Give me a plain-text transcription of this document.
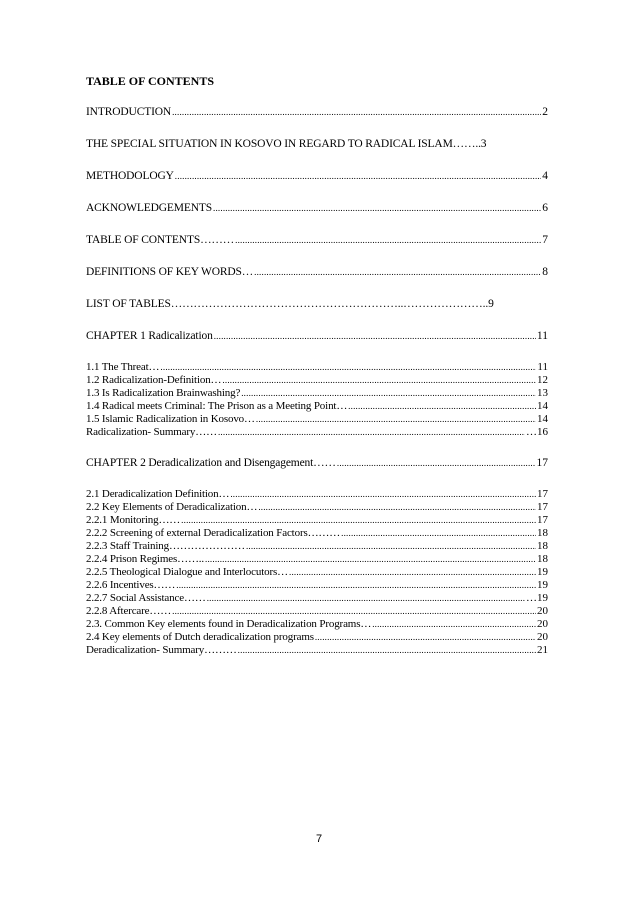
TABLE OF CONTENTS
INTRODUCTION .....	2
THE SPECIAL SITUATION IN KOSOVO IN REGARD TO RADICAL ISLAM…….. 3
METHODOLOGY .....	4
ACKNOWLEDGEMENTS .....	6
TABLE OF CONTENTS……… .....	7
DEFINITIONS OF KEY WORDS… .....	8
LIST OF TABLES……………………………………………………..………………….. 9
CHAPTER 1 Radicalization .....	11
1.1 The Threat… .....	11
1.2 Radicalization-Definition… .....	12
1.3 Is Radicalization Brainwashing? .....	13
1.4 Radical meets Criminal: The Prison as a Meeting Point… .....	14
1.5 Islamic Radicalization in Kosovo… .....	14
Radicalization- Summary…… .....	…16
CHAPTER 2 Deradicalization and Disengagement…… .....	17
2.1 Deradicalization Definition… .....	17
2.2 Key Elements of Deradicalization… .....	17
2.2.1 Monitoring…… .....	17
2.2.2 Screening of external Deradicalization Factors……… .....	18
2.2.3 Staff Training………………… .....	18
2.2.4 Prison Regimes…….. .....	18
2.2.5 Theological Dialogue and Interlocutors… .....	19
2.2.6 Incentives…… .....	19
2.2.7 Social Assistance…… .....	…19
2.2.8 Aftercare…… .....	20
2.3. Common Key elements found in Deradicalization Programs… .....	20
2.4 Key elements of Dutch deradicalization programs .....	20
Deradicalization- Summary……… .....	21
7
